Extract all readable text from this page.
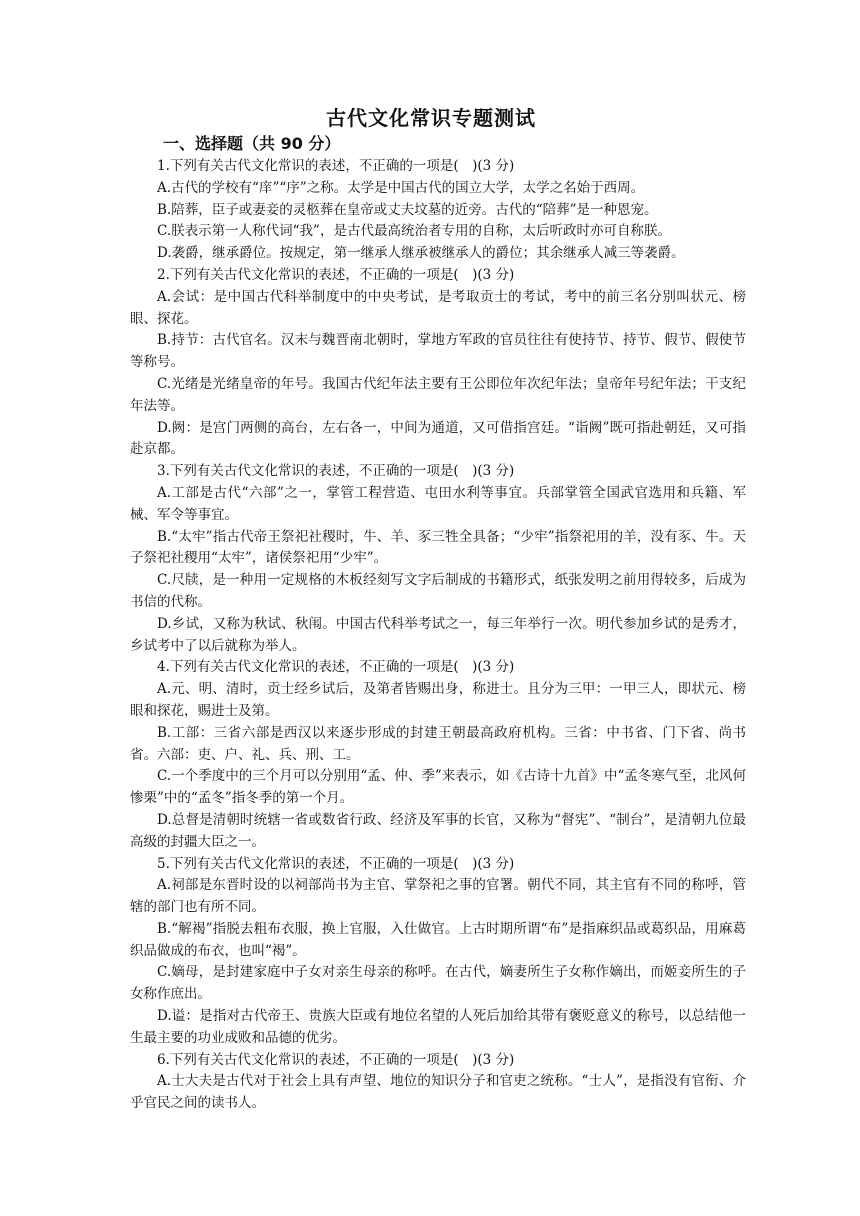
古代文化常识专题测试
一、选择题（共 90 分）

1.下列有关古代文化常识的表述，不正确的一项是(　)(3 分)

A.古代的学校有“庠”“序”之称。太学是中国古代的国立大学，太学之名始于西周。

B.陪葬，臣子或妻妾的灵柩葬在皇帝或丈夫坟墓的近旁。古代的“陪葬”是一种恩宠。

C.朕表示第一人称代词“我”，是古代最高统治者专用的自称，太后听政时亦可自称朕。

D.袭爵，继承爵位。按规定，第一继承人继承被继承人的爵位；其余继承人减三等袭爵。

2.下列有关古代文化常识的表述，不正确的一项是(　)(3 分)

A.会试：是中国古代科举制度中的中央考试，是考取贡士的考试，考中的前三名分别叫状元、榜眼、探花。

B.持节：古代官名。汉末与魏晋南北朝时，掌地方军政的官员往往有使持节、持节、假节、假使节等称号。

C.光绪是光绪皇帝的年号。我国古代纪年法主要有王公即位年次纪年法；皇帝年号纪年法；干支纪年法等。

D.阙：是宫门两侧的高台，左右各一，中间为通道，又可借指宫廷。“诣阙”既可指赴朝廷，又可指赴京都。

3.下列有关古代文化常识的表述，不正确的一项是(　)(3 分)

A.工部是古代“六部”之一，掌管工程营造、屯田水利等事宜。兵部掌管全国武官选用和兵籍、军械、军令等事宜。

B.“太牢”指古代帝王祭祀社稷时，牛、羊、豕三牲全具备；“少牢”指祭祀用的羊，没有豕、牛。天子祭祀社稷用“太牢”，诸侯祭祀用“少牢”。

C.尺牍，是一种用一定规格的木板经刻写文字后制成的书籍形式，纸张发明之前用得较多，后成为书信的代称。

D.乡试，又称为秋试、秋闱。中国古代科举考试之一，每三年举行一次。明代参加乡试的是秀才，乡试考中了以后就称为举人。

4.下列有关古代文化常识的表述，不正确的一项是(　)(3 分)

A.元、明、清时，贡士经乡试后，及第者皆赐出身，称进士。且分为三甲：一甲三人，即状元、榜眼和探花，赐进士及第。

B.工部：三省六部是西汉以来逐步形成的封建王朝最高政府机构。三省：中书省、门下省、尚书省。六部：吏、户、礼、兵、刑、工。

C.一个季度中的三个月可以分别用“孟、仲、季”来表示，如《古诗十九首》中“孟冬寒气至，北风何惨栗”中的“孟冬”指冬季的第一个月。

D.总督是清朝时统辖一省或数省行政、经济及军事的长官，又称为“督宪”、“制台”，是清朝九位最高级的封疆大臣之一。

5.下列有关古代文化常识的表述，不正确的一项是(　)(3 分)

A.祠部是东晋时设的以祠部尚书为主官、掌祭祀之事的官署。朝代不同，其主官有不同的称呼，管辖的部门也有所不同。

B.“解褐”指脱去粗布衣服，换上官服，入仕做官。上古时期所谓“布”是指麻织品或葛织品，用麻葛织品做成的布衣，也叫“褐”。

C.嫡母，是封建家庭中子女对亲生母亲的称呼。在古代，嫡妻所生子女称作嫡出，而姬妾所生的子女称作庶出。

D.谥：是指对古代帝王、贵族大臣或有地位名望的人死后加给其带有褒贬意义的称号，以总结他一生最主要的功业成败和品德的优劣。

6.下列有关古代文化常识的表述，不正确的一项是(　)(3 分)

A.士大夫是古代对于社会上具有声望、地位的知识分子和官吏之统称。“士人”，是指没有官衔、介乎官民之间的读书人。
